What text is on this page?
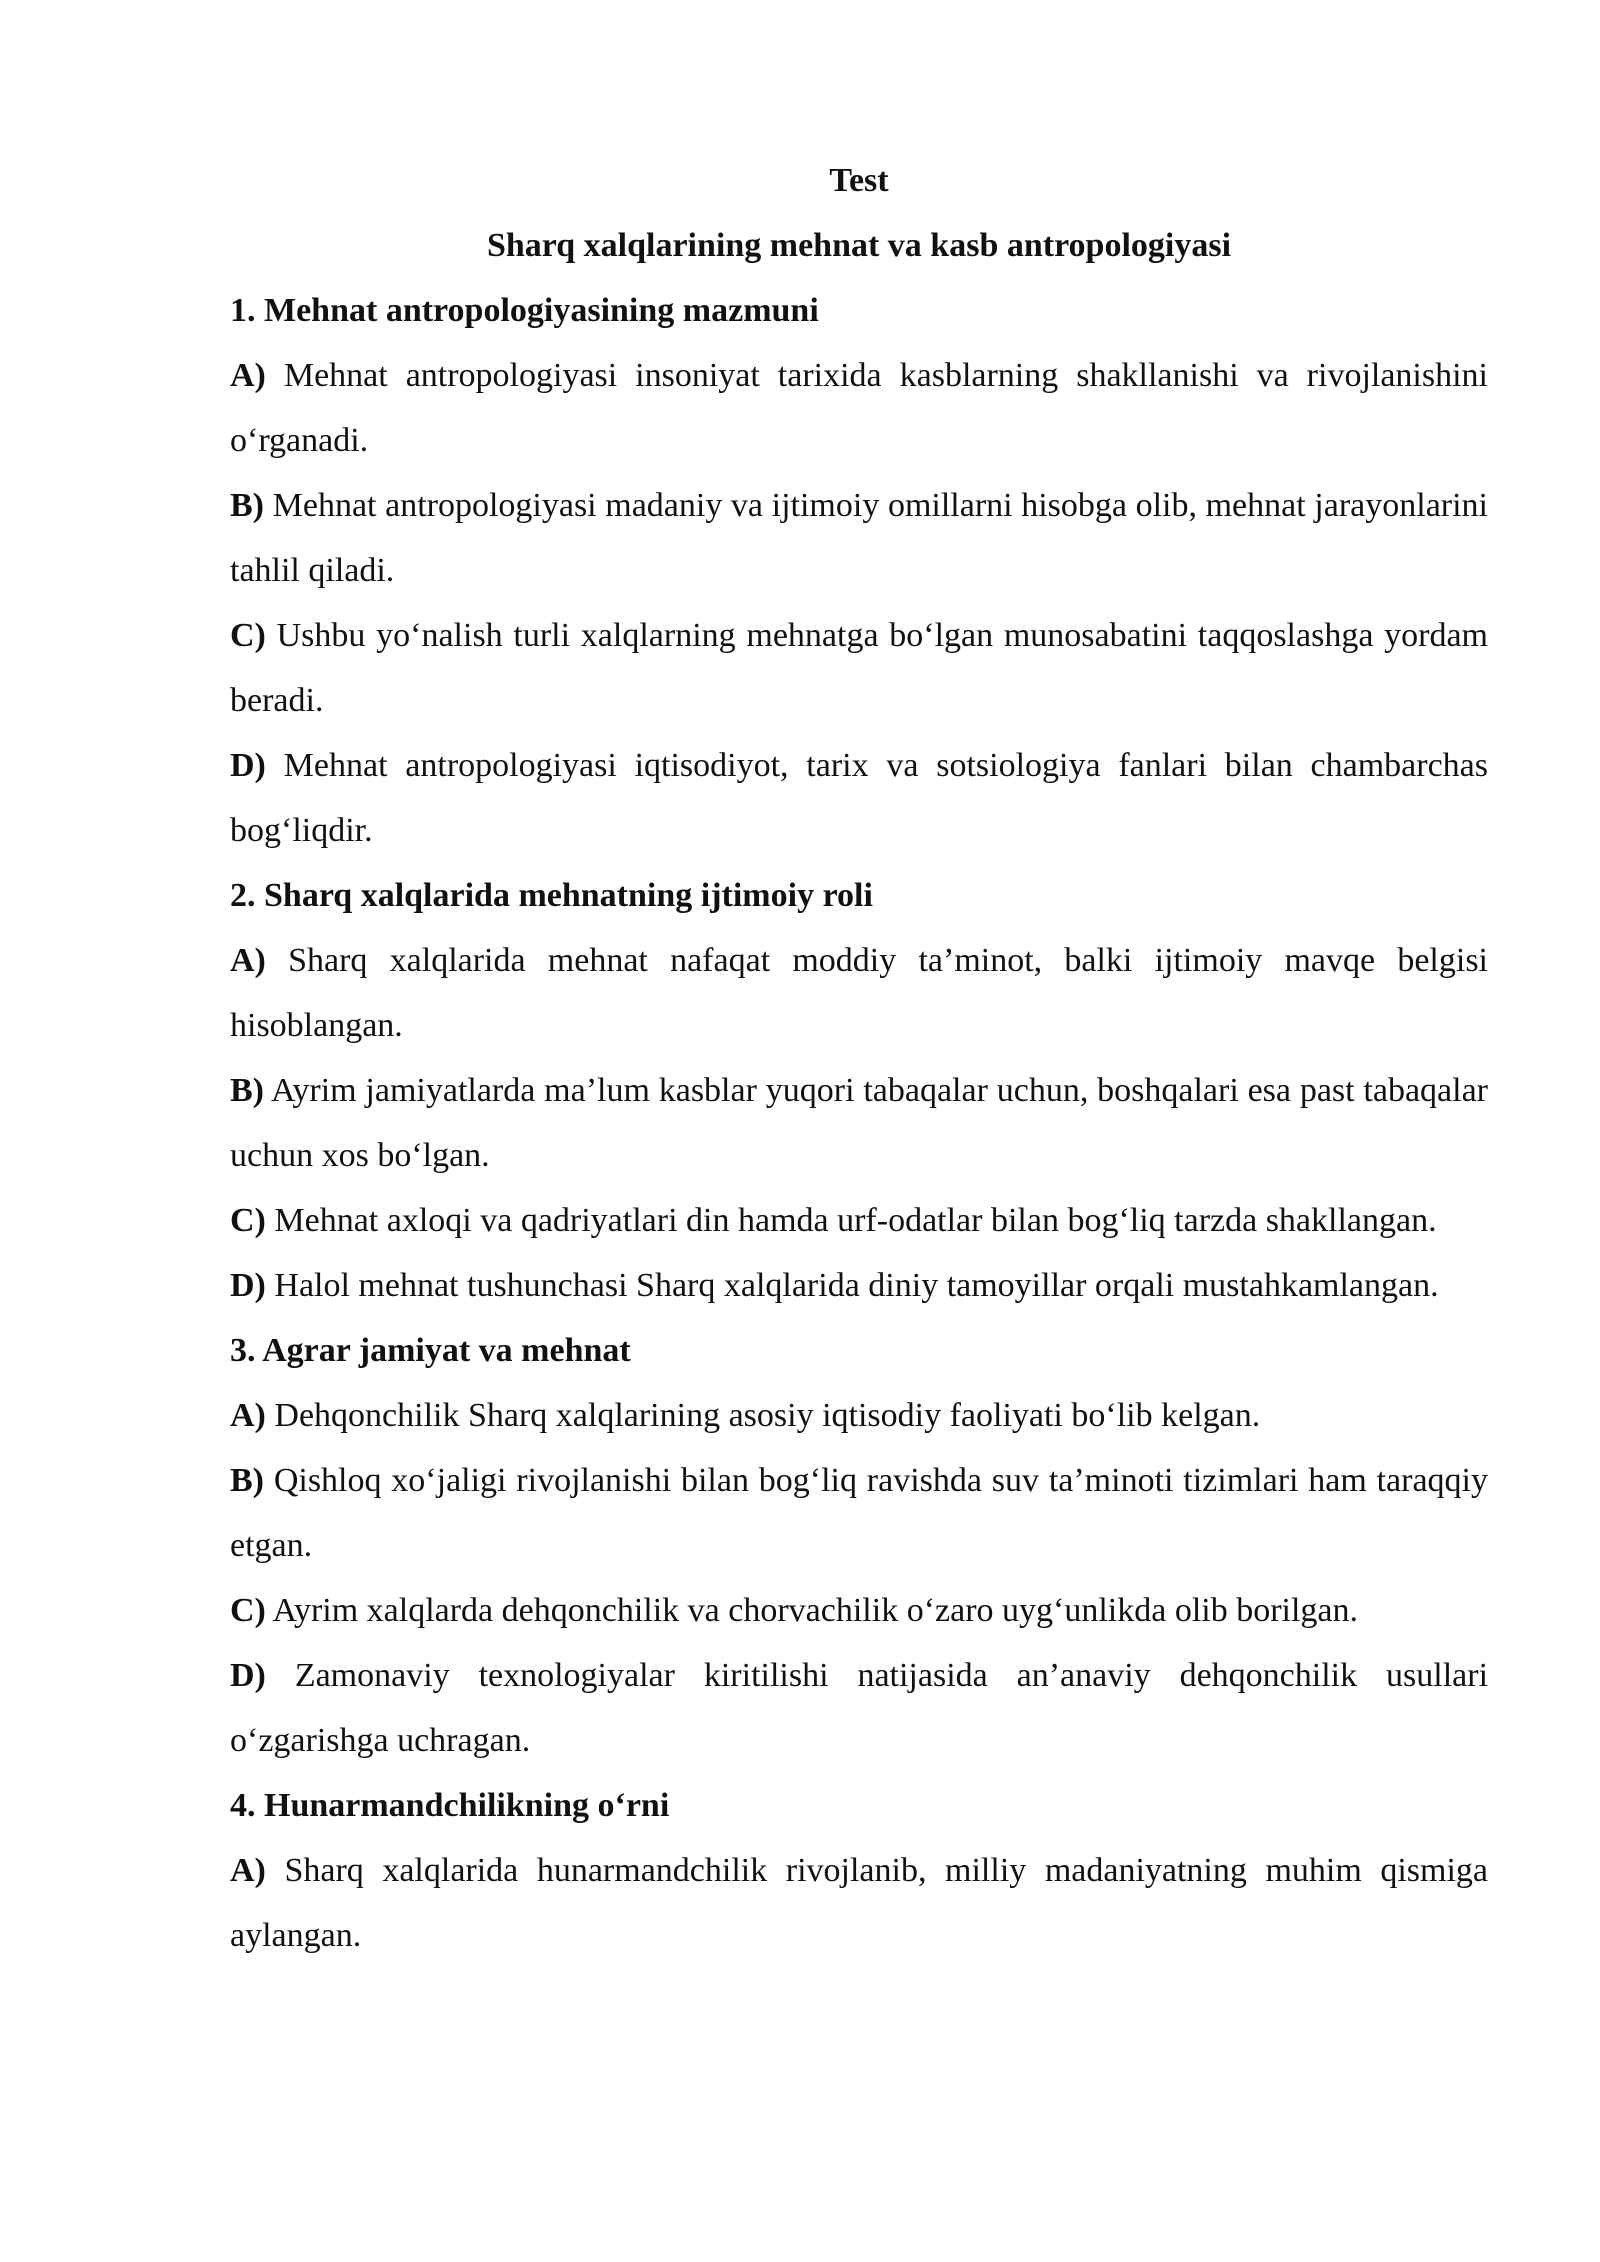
Test

Sharq xalqlarining mehnat va kasb antropologiyasi

1. Mehnat antropologiyasining mazmuni

A) Mehnat antropologiyasi insoniyat tarixida kasblarning shakllanishi va rivojlanishini o‘rganadi.

B) Mehnat antropologiyasi madaniy va ijtimoiy omillarni hisobga olib, mehnat jarayonlarini tahlil qiladi.

C) Ushbu yo‘nalish turli xalqlarning mehnatga bo‘lgan munosabatini taqqoslashga yordam beradi.

D) Mehnat antropologiyasi iqtisodiyot, tarix va sotsiologiya fanlari bilan chambarchas bog‘liqdir.

2. Sharq xalqlarida mehnatning ijtimoiy roli

A) Sharq xalqlarida mehnat nafaqat moddiy ta’minot, balki ijtimoiy mavqe belgisi hisoblangan.

B) Ayrim jamiyatlarda ma’lum kasblar yuqori tabaqalar uchun, boshqalari esa past tabaqalar uchun xos bo‘lgan.

C) Mehnat axloqi va qadriyatlari din hamda urf-odatlar bilan bog‘liq tarzda shakllangan.

D) Halol mehnat tushunchasi Sharq xalqlarida diniy tamoyillar orqali mustahkamlangan.

3. Agrar jamiyat va mehnat

A) Dehqonchilik Sharq xalqlarining asosiy iqtisodiy faoliyati bo‘lib kelgan.

B) Qishloq xo‘jaligi rivojlanishi bilan bog‘liq ravishda suv ta’minoti tizimlari ham taraqqiy etgan.

C) Ayrim xalqlarda dehqonchilik va chorvachilik o‘zaro uyg‘unlikda olib borilgan.

D) Zamonaviy texnologiyalar kiritilishi natijasida an’anaviy dehqonchilik usullari o‘zgarishga uchragan.

4. Hunarmandchilikning o‘rni

A) Sharq xalqlarida hunarmandchilik rivojlanib, milliy madaniyatning muhim qismiga aylangan.
